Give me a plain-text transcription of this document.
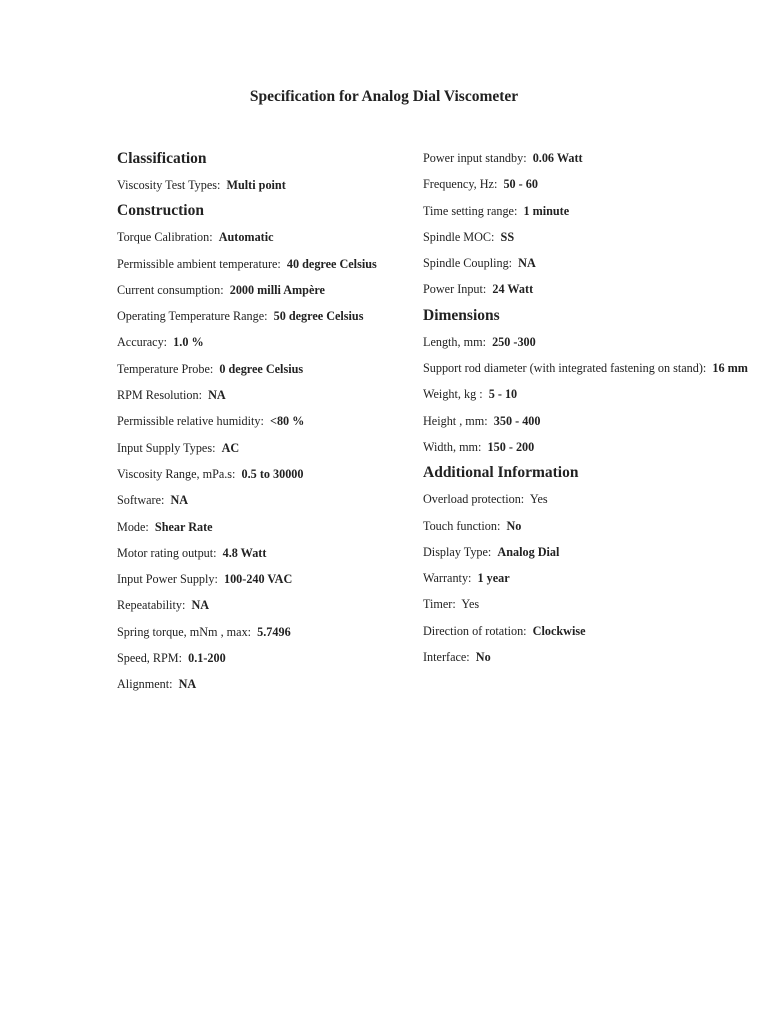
Specification for Analog Dial Viscometer
Classification
Viscosity Test Types: Multi point
Construction
Torque Calibration: Automatic
Permissible ambient temperature: 40 degree Celsius
Current consumption: 2000 milli Ampère
Operating Temperature Range: 50 degree Celsius
Accuracy: 1.0 %
Temperature Probe: 0 degree Celsius
RPM Resolution: NA
Permissible relative humidity: <80 %
Input Supply Types: AC
Viscosity Range, mPa.s: 0.5 to 30000
Software: NA
Mode: Shear Rate
Motor rating output: 4.8 Watt
Input Power Supply: 100-240 VAC
Repeatability: NA
Spring torque, mNm , max: 5.7496
Speed, RPM: 0.1-200
Alignment: NA
Power input standby: 0.06 Watt
Frequency, Hz: 50 - 60
Time setting range: 1 minute
Spindle MOC: SS
Spindle Coupling: NA
Power Input: 24 Watt
Dimensions
Length, mm: 250 -300
Support rod diameter (with integrated fastening on stand): 16 mm
Weight, kg : 5 - 10
Height , mm: 350 - 400
Width, mm: 150 - 200
Additional Information
Overload protection: Yes
Touch function: No
Display Type: Analog Dial
Warranty: 1 year
Timer: Yes
Direction of rotation: Clockwise
Interface: No
